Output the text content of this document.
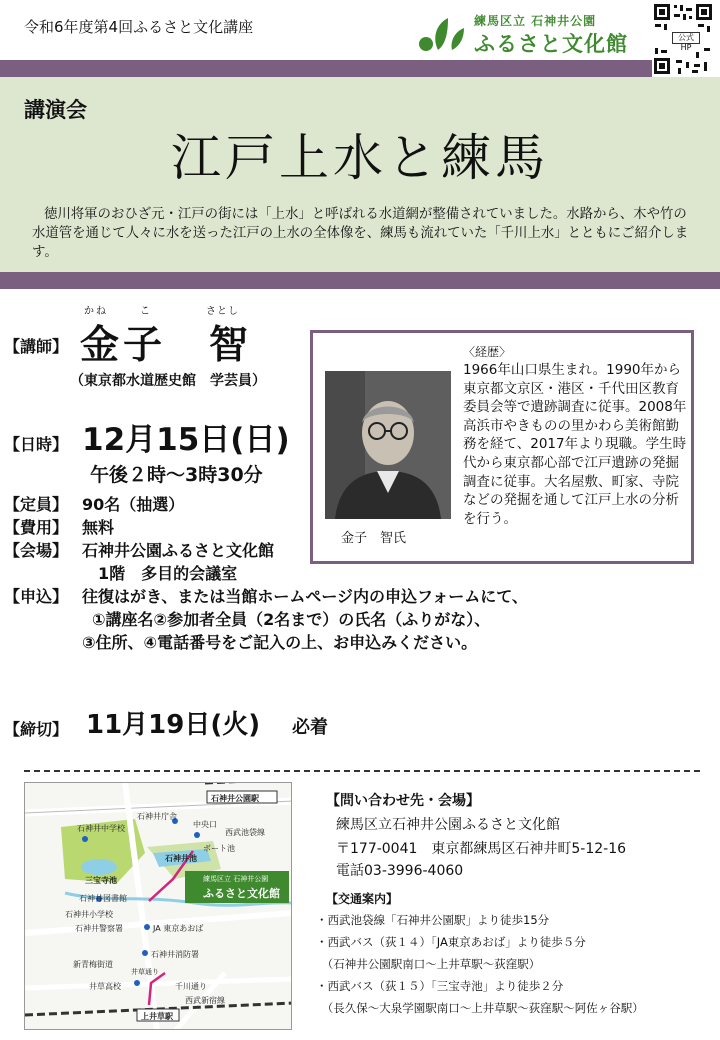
令和6年度第4回ふるさと文化講座	練馬区立 石神井公園
ふるさと文化館	公式HP
講演会
江戸上水と練馬
徳川将軍のおひざ元・江戸の街には「上水」と呼ばれる水道網が整備されていました。水路から、木や竹の水道管を通じて人々に水を送った江戸の上水の全体像を、練馬も流れていた「千川上水」とともにご紹介します。
【講師】
かね	こ	さとし
金子　智
（東京都水道歴史館　学芸員）
【日時】 12月15日(日)
午後２時～3時30分
【定員】 90名（抽選）
【費用】 無料
【会場】 石神井公園ふるさと文化館
1階　多目的会議室
【申込】 往復はがき、または当館ホームページ内の申込フォームにて、
①講座名②参加者全員（2名まで）の氏名（ふりがな）、
③住所、④電話番号をご記入の上、お申込みください。
【締切】 11月19日(火) 必着
金子　智氏
〈経歴〉
1966年山口県生まれ。1990年から東京都文京区・港区・千代田区教育委員会等で遺跡調査に従事。2008年高浜市やきものの里かわら美術館勤務を経て、2017年より現職。学生時代から東京都心部で江戸遺跡の発掘調査に従事。大名屋敷、町家、寺院などの発掘を通して江戸上水の分析を行う。
石神井公園駅
石神井庁舎
中央口
西武池袋線
ボート池
石神井中学校
石神井池
三宝寺池
石神井小学校
石神井図書館
石神井警察署	JA 東京あおば
石神井消防署
新青梅街道
井草高校	千川通り
西武新宿線
上井草駅
井草通り
練馬区立 石神井公園
ふるさと文化館
【問い合わせ先・会場】
練馬区立石神井公園ふるさと文化館
〒177-0041　東京都練馬区石神井町5-12-16
電話03-3996-4060
【交通案内】
・西武池袋線「石神井公園駅」より徒歩15分
・西武バス（荻１４）「JA東京あおば」より徒歩５分
　（石神井公園駅南口～上井草駅～荻窪駅）
・西武バス（荻１５）「三宝寺池」より徒歩２分
　（長久保～大泉学園駅南口～上井草駅～荻窪駅～阿佐ヶ谷駅）
